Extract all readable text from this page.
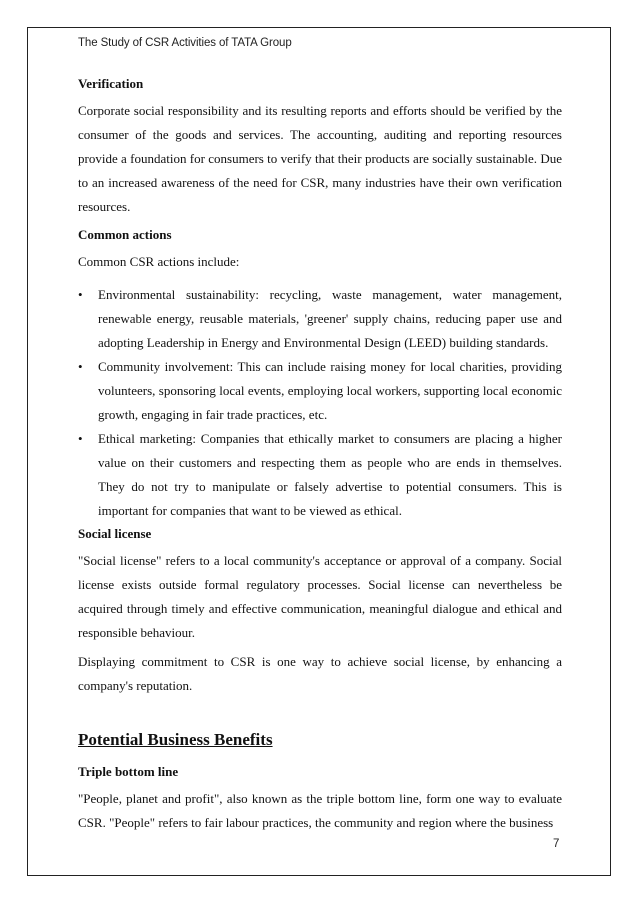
The Study of CSR Activities of TATA Group
Verification

Corporate social responsibility and its resulting reports and efforts should be verified by the consumer of the goods and services. The accounting, auditing and reporting resources provide a foundation for consumers to verify that their products are socially sustainable. Due to an increased awareness of the need for CSR, many industries have their own verification resources.

Common actions

Common CSR actions include:

• Environmental sustainability: recycling, waste management, water management, renewable energy, reusable materials, 'greener' supply chains, reducing paper use and adopting Leadership in Energy and Environmental Design (LEED) building standards.
• Community involvement: This can include raising money for local charities, providing volunteers, sponsoring local events, employing local workers, supporting local economic growth, engaging in fair trade practices, etc.
• Ethical marketing: Companies that ethically market to consumers are placing a higher value on their customers and respecting them as people who are ends in themselves. They do not try to manipulate or falsely advertise to potential consumers. This is important for companies that want to be viewed as ethical.
Social license

"Social license" refers to a local community's acceptance or approval of a company. Social license exists outside formal regulatory processes. Social license can nevertheless be acquired through timely and effective communication, meaningful dialogue and ethical and responsible behaviour.

Displaying commitment to CSR is one way to achieve social license, by enhancing a company's reputation.

Potential Business Benefits
Triple bottom line

"People, planet and profit", also known as the triple bottom line, form one way to evaluate CSR. "People" refers to fair labour practices, the community and region where the business

7
